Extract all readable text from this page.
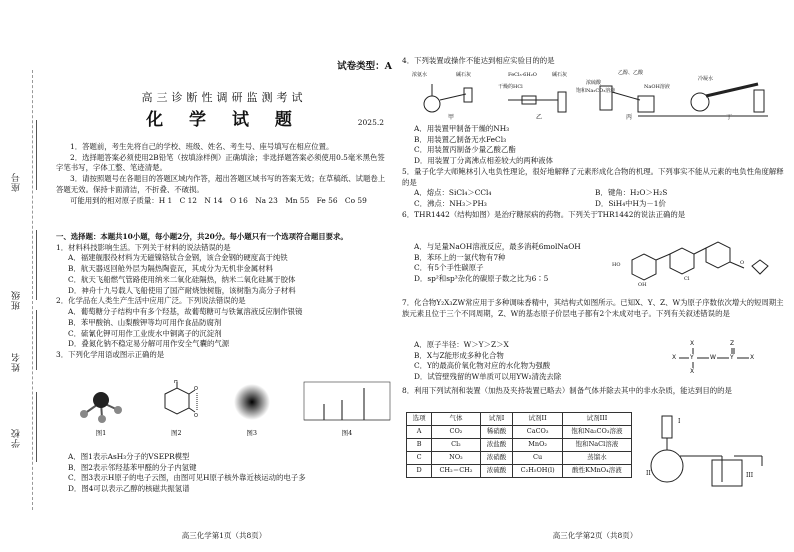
座号
班级
姓名
学校
试卷类型：A
高三诊断性调研监测考试
化 学 试 题	2025.2

1．答题前，考生先将自己的学校、班级、姓名、考生号、座号填写在相应位置。

2．选择题答案必须使用2B铅笔（按填涂样例）正确填涂；非选择题答案必须使用0.5毫米黑色签字笔书写，字体工整、笔迹清楚。

3．请按照题号在各题目的答题区域内作答，超出答题区域书写的答案无效；在草稿纸、试题卷上答题无效。保持卡面清洁，不折叠、不破损。

可能用到的相对原子质量：H 1　C 12　N 14　O 16　Na 23　Mn 55　Fe 56　Co 59

一、选择题：本题共10小题，每小题2分，共20分。每小题只有一个选项符合题目要求。

1．材料科技影响生活。下列关于材料的说法错误的是

A．福建舰服役材料为无磁镍铬钛合金钢，该合金钢的硬度高于纯铁

B．航天器返回舱外层为隔热陶瓷瓦，其成分为无机非金属材料

C．航天飞船燃气管路使用纳米二氧化硅隔热，纳米二氧化硅属于胶体

D．神舟十九号载人飞船使用了国产耐烧蚀树脂，该树脂为高分子材料

2．化学品在人类生产生活中应用广泛。下列说法错误的是

A．葡萄糖分子结构中有多个羟基，故葡萄糖可与铁氰溶液反应制作银镜

B．苯甲酸钠、山梨酸钾等均可用作食品防腐剂

C．硫氰化钾可用作工业废水中铜离子的沉淀剂

D．叠氮化钠不稳定易分解可用作安全气囊的气源

3．下列化学用语或图示正确的是

图1
H
O
O
图2	图3	图4

A．图1表示AsH₃分子的VSEPR模型

B．图2表示邻羟基苯甲醛的分子内氢键

C．图3表示H原子的电子云图，由图可见H原子核外靠近核运动的电子多

D．图4可以表示乙醇的核磁共振氢谱

高三化学第1页（共8页）

4．下列装置或操作不能达到相应实验目的的是

甲	乙	丙	丁
浓氨水	碱石灰	FeCl₃·6H₂O
干燥的HCl
碱石灰	乙醇、乙酸
浓硫酸
饱和Na₂CO₃溶液
NaOH溶液
冷凝水

A．用装置甲制备干燥的NH₃

B．用装置乙制备无水FeCl₃

C．用装置丙制备少量乙酸乙酯

D．用装置丁分离沸点相差较大的两种液体

5．量子化学大师鲍林引入电负性理论，很好地解释了元素形成化合物的机理。下列事实不能从元素的电负性角度解释的是

A．熔点：SiCl₄＞CCl₄	B．键角：H₂O＞H₂S
C．沸点：NH₃＞PH₃	D．SiH₄中H为－1价

6．THR1442（结构如图）是治疗糖尿病的药物。下列关于THR1442的说法正确的是

A．与足量NaOH溶液反应，最多消耗6molNaOH

B．苯环上的一氯代物有7种

C．有5个手性碳原子

D．sp²和sp³杂化的碳原子数之比为6∶5

HO
OH
Cl
O

7．化合物Y₂X₃ZW常应用于多种调味香精中，其结构式如图所示。已知X、Y、Z、W为原子序数依次增大的短周期主族元素且位于三个不同周期，Z、W的基态原子价层电子都有2个未成对电子。下列有关叙述错误的是

A．原子半径：W＞Y＞Z＞X

B．X与Z能形成多种化合物

C．Y的最高价氧化物对应的水化物为强酸

D．试管壁残留的W单质可以用YW₂清洗去除

X Y	W Y	X
X
X
Z

8．利用下列试剂和装置（加热及夹持装置已略去）制备气体并除去其中的非水杂质，能达到目的的是

选项	气体	试剂I	试剂II	试剂III
A	CO₂	稀硝酸	CaCO₃	饱和Na₂CO₃溶液
B	Cl₂	浓盐酸	MnO₂	饱和NaCl溶液
C	NO₂	浓硝酸	Cu	蒸馏水
D	CH₂＝CH₂	浓硫酸	C₂H₅OH(l)	酸性KMnO₄溶液
I
II	III
高三化学第2页（共8页）
